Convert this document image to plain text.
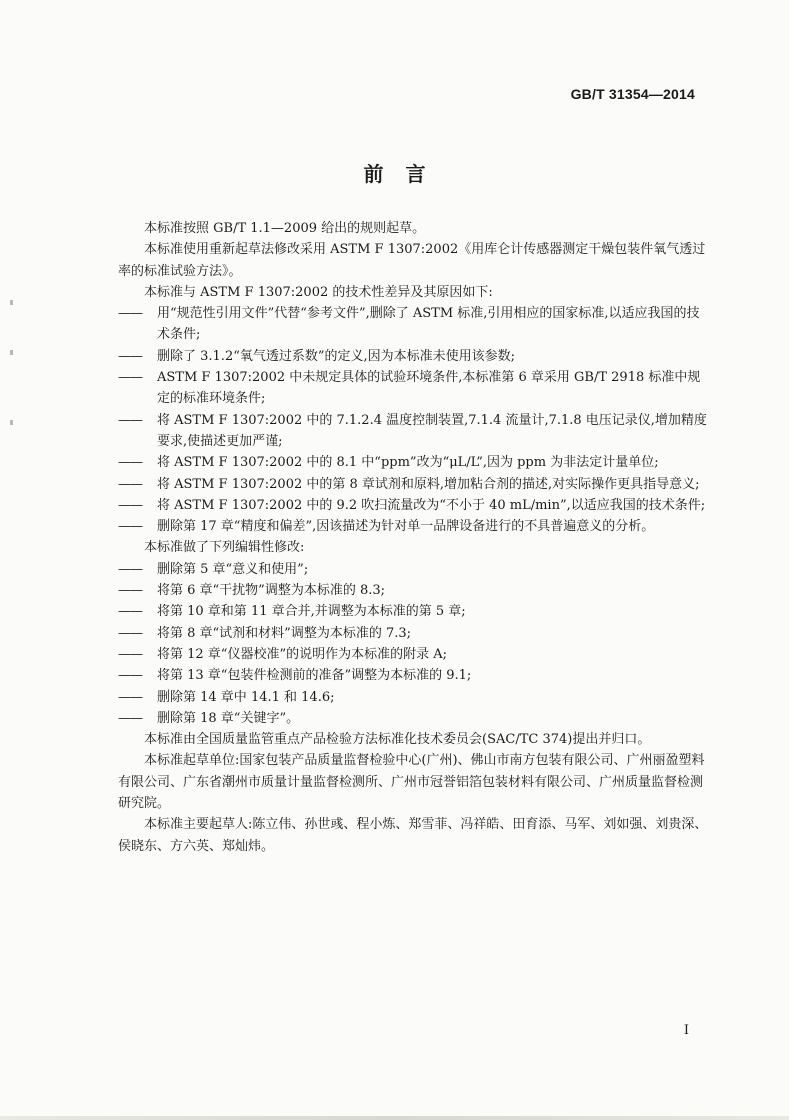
GB/T 31354—2014
前言

本标准按照 GB/T 1.1—2009 给出的规则起草。

本标准使用重新起草法修改采用 ASTM F 1307:2002《用库仑计传感器测定干燥包装件氧气透过率的标准试验方法》。

本标准与 ASTM F 1307:2002 的技术性差异及其原因如下:

——	用“规范性引用文件”代替“参考文件”,删除了 ASTM 标准,引用相应的国家标准,以适应我国的技术条件;

——	删除了 3.1.2“氧气透过系数”的定义,因为本标准未使用该参数;

——	ASTM F 1307:2002 中未规定具体的试验环境条件,本标准第 6 章采用 GB/T 2918 标准中规定的标准环境条件;

——	将 ASTM F 1307:2002 中的 7.1.2.4 温度控制装置,7.1.4 流量计,7.1.8 电压记录仪,增加精度要求,使描述更加严谨;

——	将 ASTM F 1307:2002 中的 8.1 中“ppm”改为“μL/L”,因为 ppm 为非法定计量单位;

——	将 ASTM F 1307:2002 中的第 8 章试剂和原料,增加粘合剂的描述,对实际操作更具指导意义;

——	将 ASTM F 1307:2002 中的 9.2 吹扫流量改为“不小于 40 mL/min”,以适应我国的技术条件;

——	删除第 17 章“精度和偏差”,因该描述为针对单一品牌设备进行的不具普遍意义的分析。

本标准做了下列编辑性修改:

——	删除第 5 章“意义和使用”;

——	将第 6 章“干扰物”调整为本标准的 8.3;

——	将第 10 章和第 11 章合并,并调整为本标准的第 5 章;

——	将第 8 章“试剂和材料”调整为本标准的 7.3;

——	将第 12 章“仪器校准”的说明作为本标准的附录 A;

——	将第 13 章“包装件检测前的准备”调整为本标准的 9.1;

——	删除第 14 章中 14.1 和 14.6;

——	删除第 18 章“关键字”。

本标准由全国质量监管重点产品检验方法标准化技术委员会(SAC/TC 374)提出并归口。

本标准起草单位:国家包装产品质量监督检验中心(广州)、佛山市南方包装有限公司、广州丽盈塑料有限公司、广东省潮州市质量计量监督检测所、广州市冠誉铝箔包装材料有限公司、广州质量监督检测研究院。

本标准主要起草人:陈立伟、孙世彧、程小炼、郑雪菲、冯祥皓、田育添、马军、刘如强、刘贵深、侯晓东、方六英、郑灿炜。

I
